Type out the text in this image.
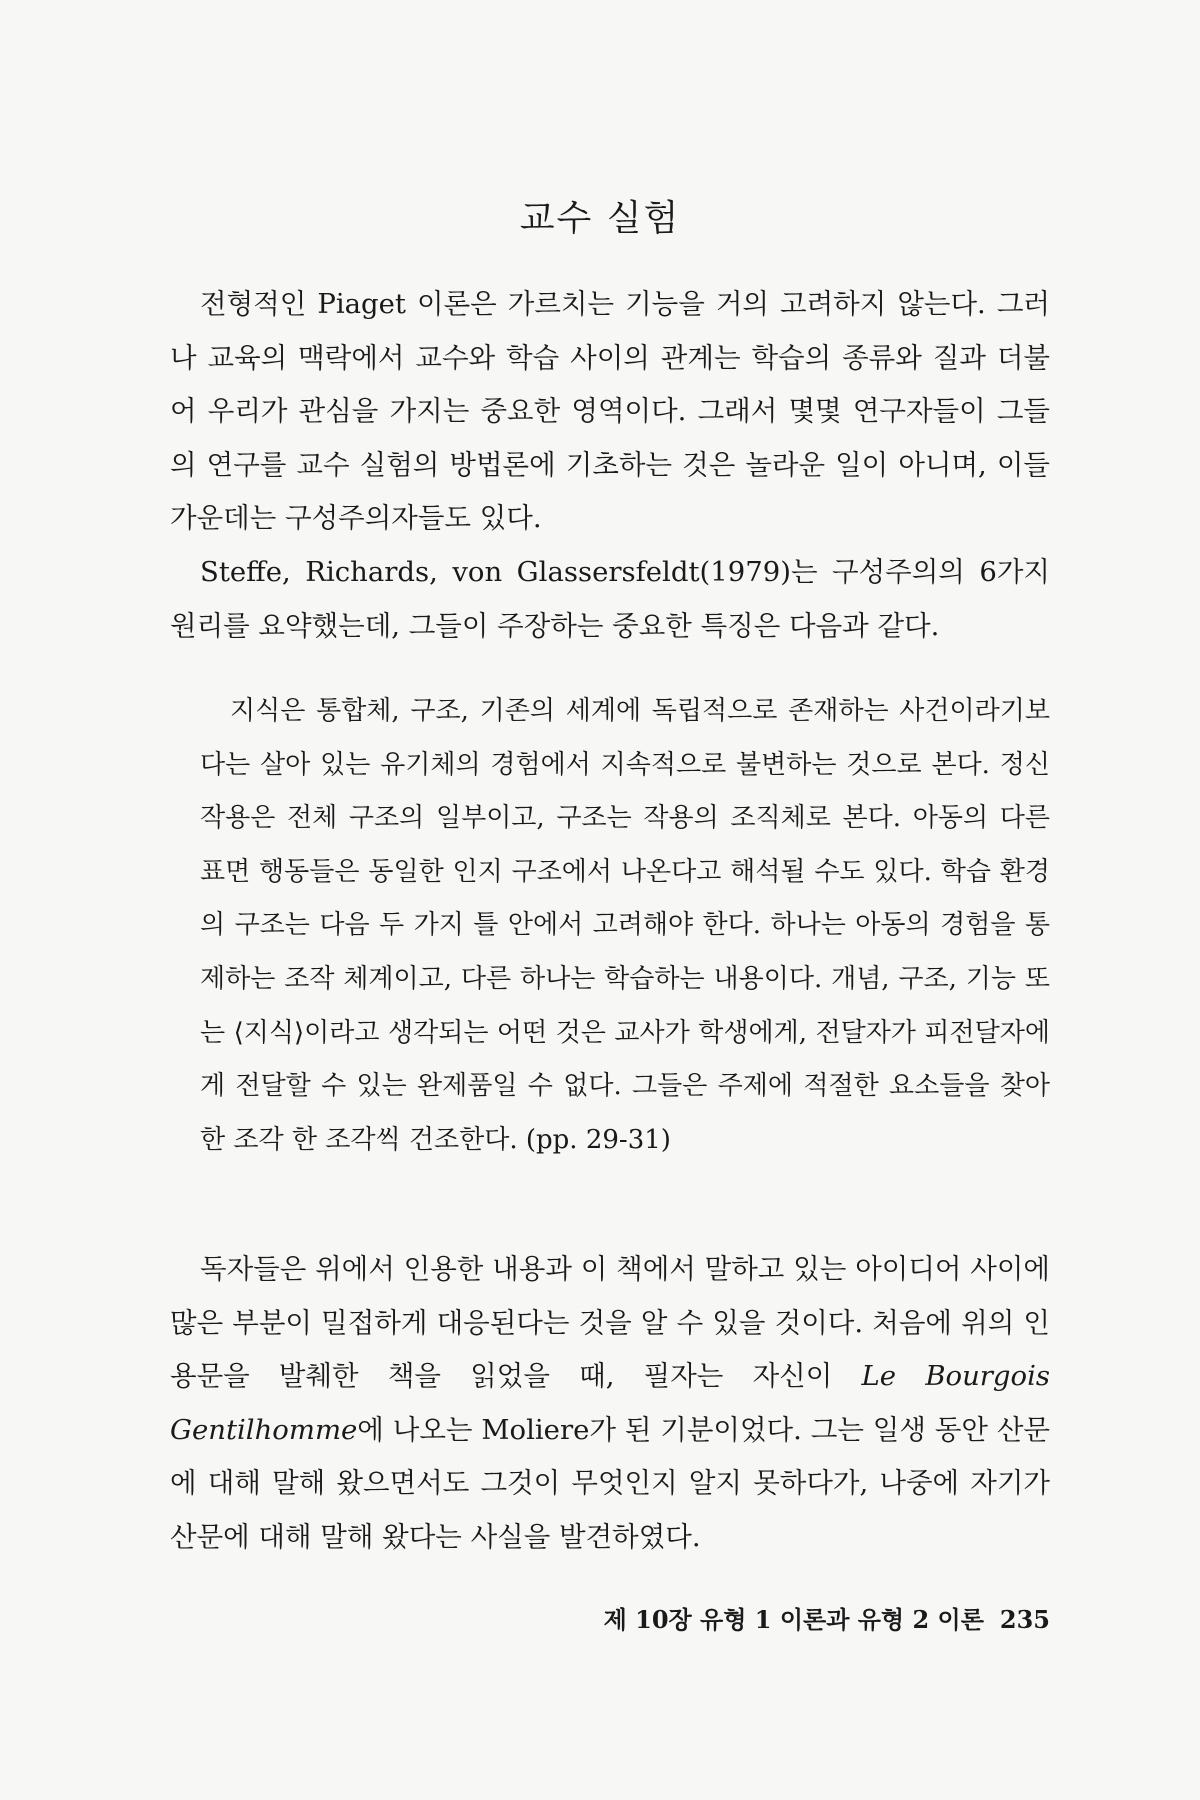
교수 실험

전형적인 Piaget 이론은 가르치는 기능을 거의 고려하지 않는다. 그러나 교육의 맥락에서 교수와 학습 사이의 관계는 학습의 종류와 질과 더불어 우리가 관심을 가지는 중요한 영역이다. 그래서 몇몇 연구자들이 그들의 연구를 교수 실험의 방법론에 기초하는 것은 놀라운 일이 아니며, 이들 가운데는 구성주의자들도 있다.

Steffe, Richards, von Glassersfeldt(1979)는 구성주의의 6가지 원리를 요약했는데, 그들이 주장하는 중요한 특징은 다음과 같다.

지식은 통합체, 구조, 기존의 세계에 독립적으로 존재하는 사건이라기보다는 살아 있는 유기체의 경험에서 지속적으로 불변하는 것으로 본다. 정신 작용은 전체 구조의 일부이고, 구조는 작용의 조직체로 본다. 아동의 다른 표면 행동들은 동일한 인지 구조에서 나온다고 해석될 수도 있다. 학습 환경의 구조는 다음 두 가지 틀 안에서 고려해야 한다. 하나는 아동의 경험을 통제하는 조작 체계이고, 다른 하나는 학습하는 내용이다. 개념, 구조, 기능 또는 ⟨지식⟩이라고 생각되는 어떤 것은 교사가 학생에게, 전달자가 피전달자에게 전달할 수 있는 완제품일 수 없다. 그들은 주제에 적절한 요소들을 찾아 한 조각 한 조각씩 건조한다. (pp. 29-31)

독자들은 위에서 인용한 내용과 이 책에서 말하고 있는 아이디어 사이에 많은 부분이 밀접하게 대응된다는 것을 알 수 있을 것이다. 처음에 위의 인용문을 발췌한 책을 읽었을 때, 필자는 자신이 Le Bourgois Gentilhomme에 나오는 Moliere가 된 기분이었다. 그는 일생 동안 산문에 대해 말해 왔으면서도 그것이 무엇인지 알지 못하다가, 나중에 자기가 산문에 대해 말해 왔다는 사실을 발견하였다.

제 10장 유형 1 이론과 유형 2 이론 235
